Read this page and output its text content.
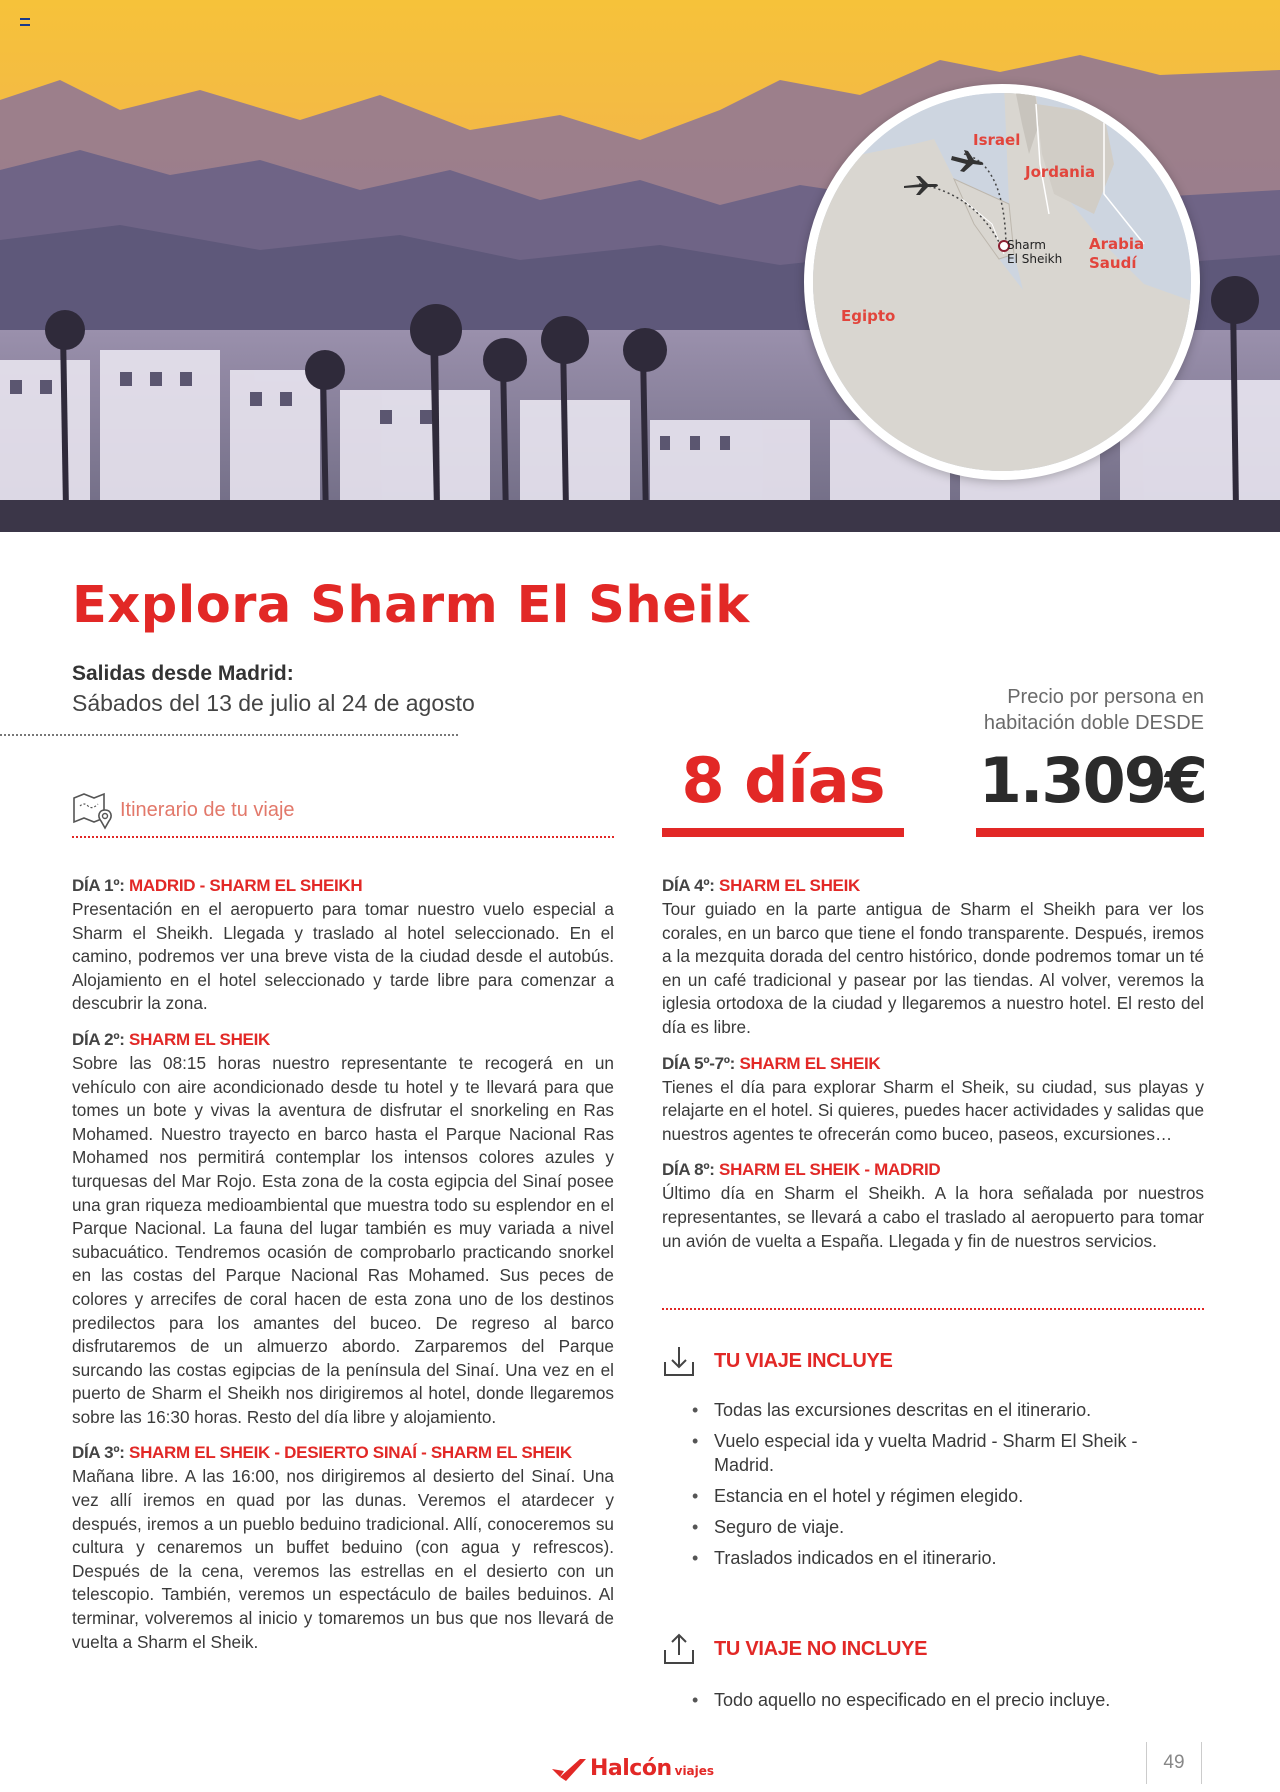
Israel
Jordania
Arabia
Saudí
Egipto
Sharm
El Sheikh
Explora Sharm El Sheik
Salidas desde Madrid:
Sábados del 13 de julio al 24 de agosto	Precio por persona en
habitación doble DESDE
8 días	1.309€
Itinerario de tu viaje
DÍA 1º: MADRID - SHARM EL SHEIKH

Presentación en el aeropuerto para tomar nuestro vuelo especial a Sharm el Sheikh. Llegada y traslado al hotel seleccionado. En el camino, podremos ver una breve vista de la ciudad desde el autobús. Alojamiento en el hotel seleccionado y tarde libre para comenzar a descubrir la zona.

DÍA 2º: SHARM EL SHEIK

Sobre las 08:15 horas nuestro representante te recogerá en un vehículo con aire acondicionado desde tu hotel y te llevará para que tomes un bote y vivas la aventura de disfrutar el snorkeling en Ras Mohamed. Nuestro trayecto en barco hasta el Parque Nacional Ras Mohamed nos permitirá contemplar los intensos colores azules y turquesas del Mar Rojo. Esta zona de la costa egipcia del Sinaí posee una gran riqueza medioambiental que muestra todo su esplendor en el Parque Nacional. La fauna del lugar también es muy variada a nivel subacuático. Tendremos ocasión de comprobarlo practicando snorkel en las costas del Parque Nacional Ras Mohamed. Sus peces de colores y arrecifes de coral hacen de esta zona uno de los destinos predilectos para los amantes del buceo. De regreso al barco disfrutaremos de un almuerzo abordo. Zarparemos del Parque surcando las costas egipcias de la península del Sinaí. Una vez en el puerto de Sharm el Sheikh nos dirigiremos al hotel, donde llegaremos sobre las 16:30 horas. Resto del día libre y alojamiento.

DÍA 3º: SHARM EL SHEIK - DESIERTO SINAÍ - SHARM EL SHEIK

Mañana libre. A las 16:00, nos dirigiremos al desierto del Sinaí. Una vez allí iremos en quad por las dunas. Veremos el atardecer y después, iremos a un pueblo beduino tradicional. Allí, conoceremos su cultura y cenaremos un buffet beduino (con agua y refrescos). Después de la cena, veremos las estrellas en el desierto con un telescopio. También, veremos un espectáculo de bailes beduinos. Al terminar, volveremos al inicio y tomaremos un bus que nos llevará de vuelta a Sharm el Sheik.

DÍA 4º: SHARM EL SHEIK

Tour guiado en la parte antigua de Sharm el Sheikh para ver los corales, en un barco que tiene el fondo transparente. Después, iremos a la mezquita dorada del centro histórico, donde podremos tomar un té en un café tradicional y pasear por las tiendas. Al volver, veremos la iglesia ortodoxa de la ciudad y llegaremos a nuestro hotel. El resto del día es libre.

DÍA 5º-7º: SHARM EL SHEIK

Tienes el día para explorar Sharm el Sheik, su ciudad, sus playas y relajarte en el hotel. Si quieres, puedes hacer actividades y salidas que nuestros agentes te ofrecerán como buceo, paseos, excursiones…

DÍA 8º: SHARM EL SHEIK - MADRID

Último día en Sharm el Sheikh. A la hora señalada por nuestros representantes, se llevará a cabo el traslado al aeropuerto para tomar un avión de vuelta a España. Llegada y fin de nuestros servicios.

TU VIAJE INCLUYE
• Todas las excursiones descritas en el itinerario.
• Vuelo especial ida y vuelta Madrid - Sharm El Sheik - Madrid.
• Estancia en el hotel y régimen elegido.
• Seguro de viaje.
• Traslados indicados en el itinerario.
TU VIAJE NO INCLUYE
• Todo aquello no especificado en el precio incluye.
Halcón viajes	49
